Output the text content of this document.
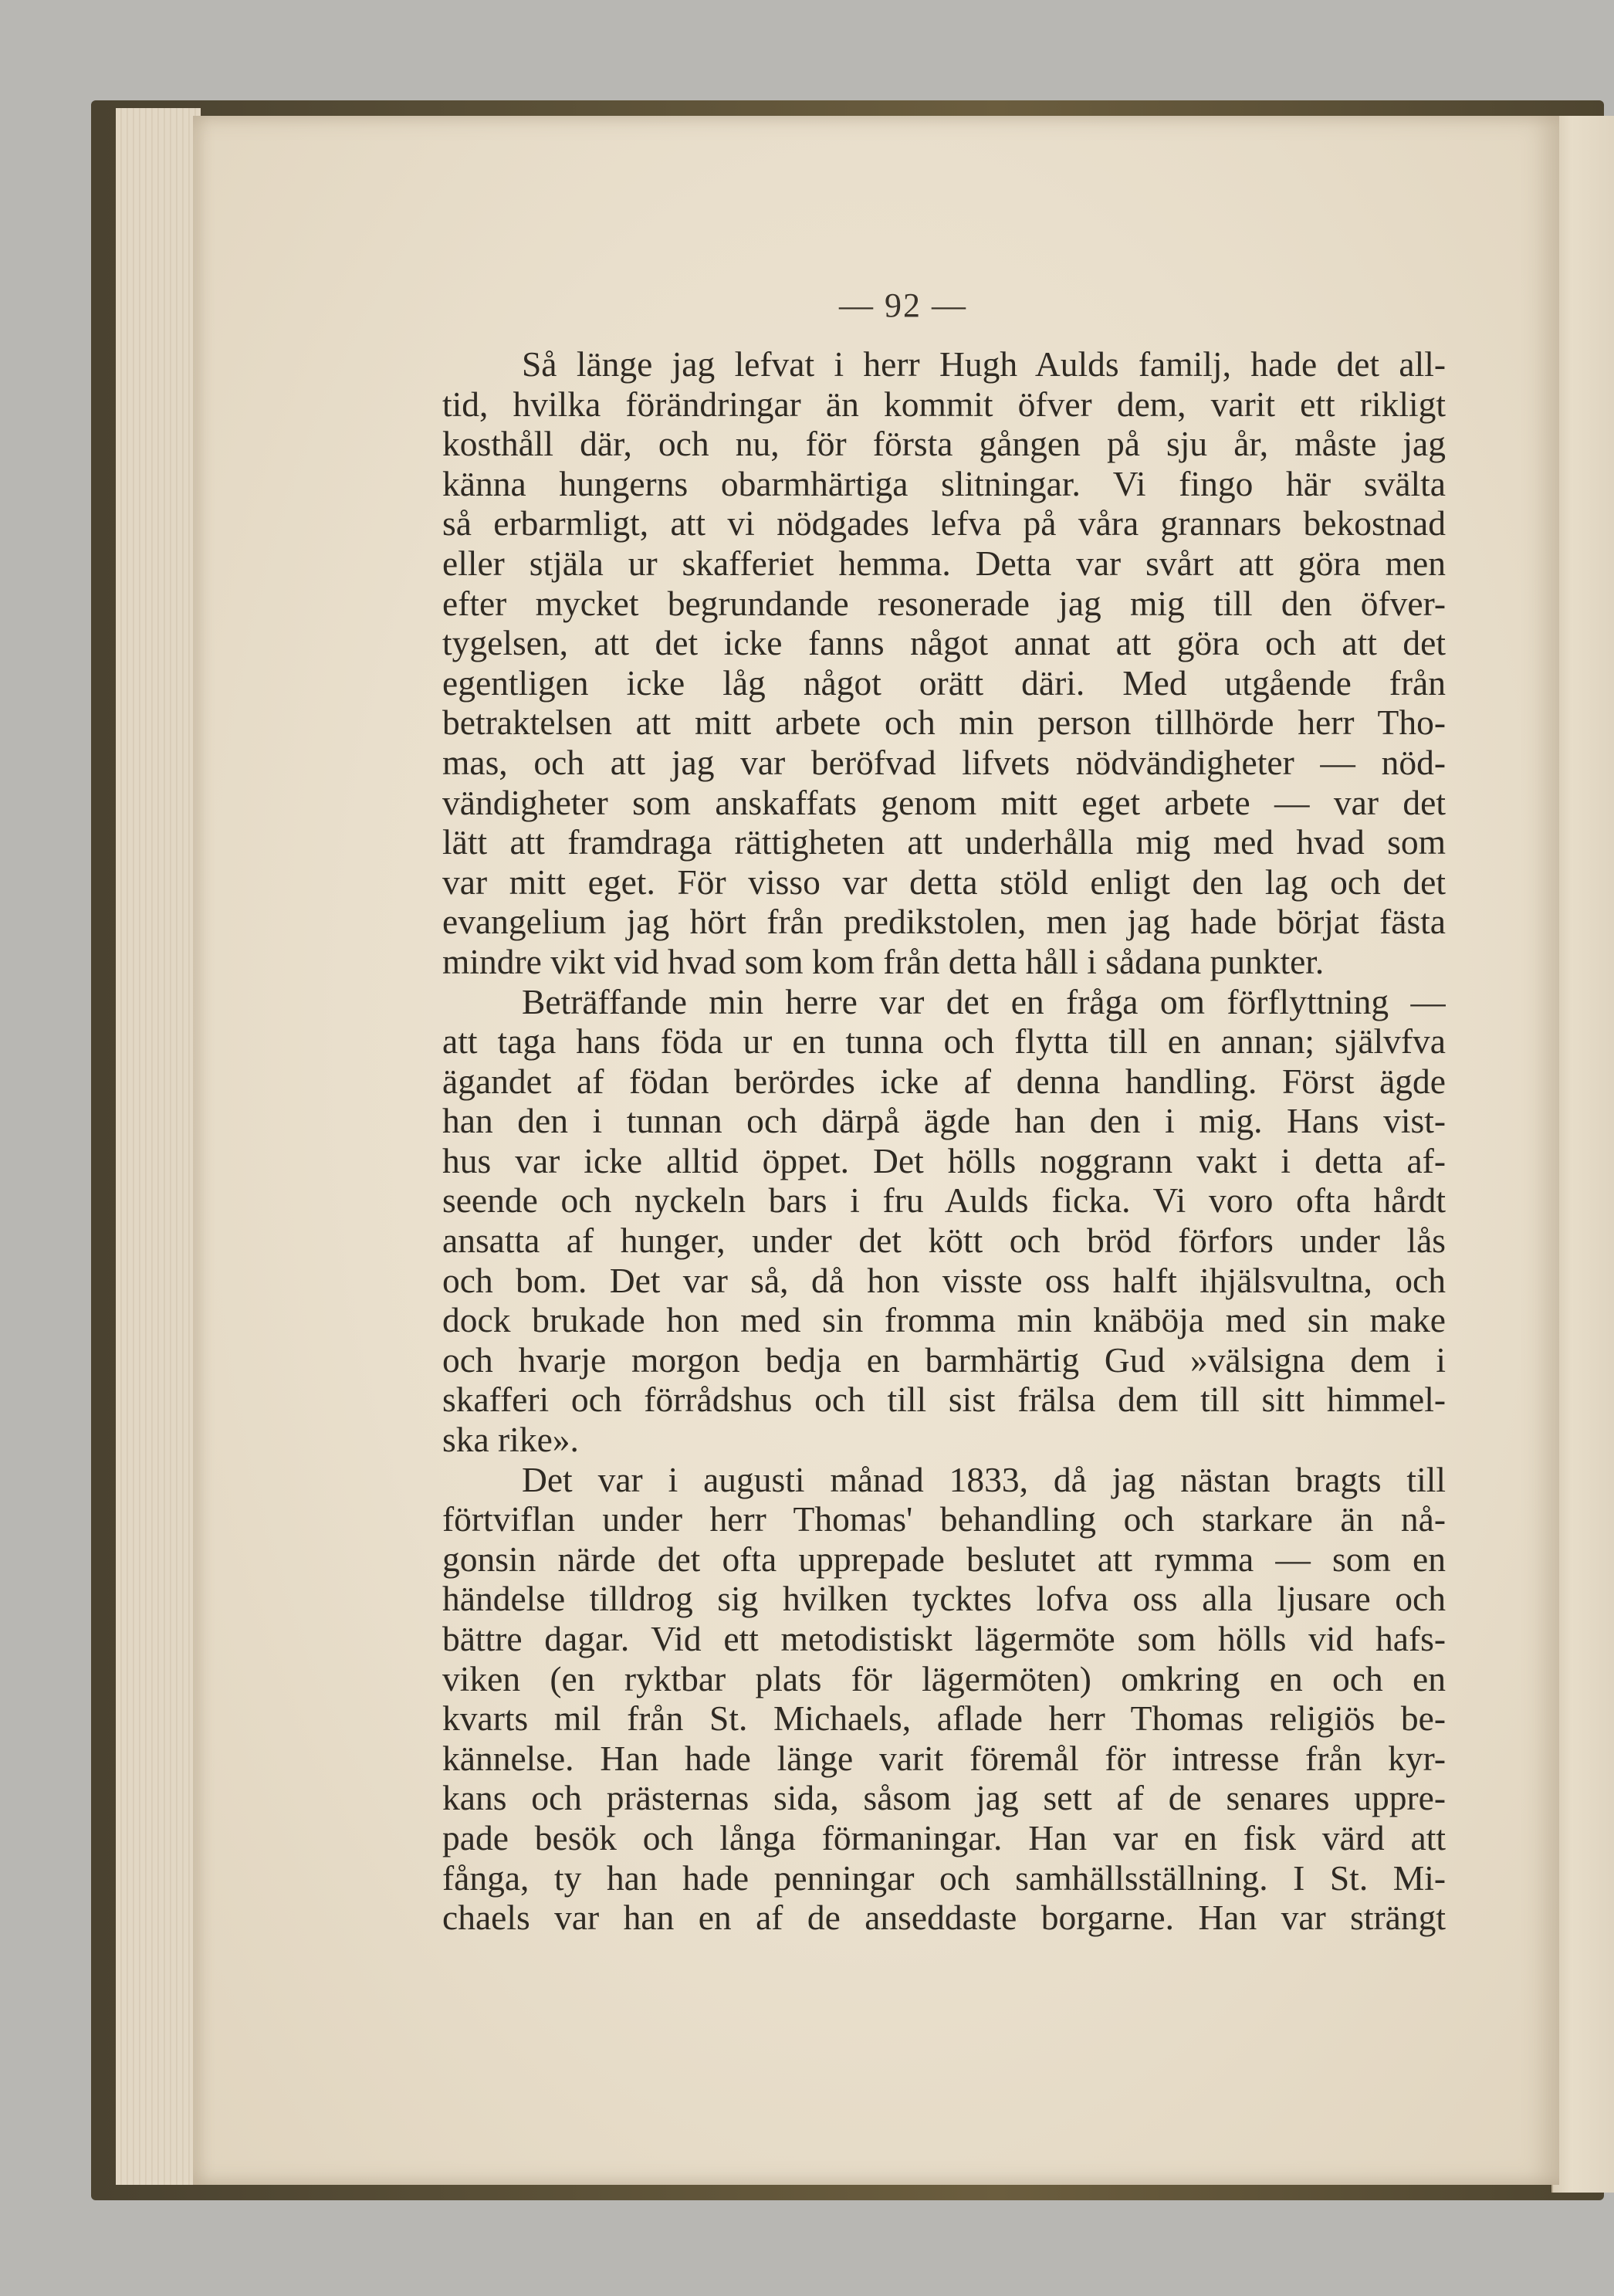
— 92 —
Så länge jag lefvat i herr Hugh Aulds familj, hade det all-
tid, hvilka förändringar än kommit öfver dem, varit ett rikligt
kosthåll där, och nu, för första gången på sju år, måste jag
känna hungerns obarmhärtiga slitningar. Vi fingo här svälta
så erbarmligt, att vi nödgades lefva på våra grannars bekostnad
eller stjäla ur skafferiet hemma. Detta var svårt att göra men
efter mycket begrundande resonerade jag mig till den öfver-
tygelsen, att det icke fanns något annat att göra och att det
egentligen icke låg något orätt däri. Med utgående från
betraktelsen att mitt arbete och min person tillhörde herr Tho-
mas, och att jag var beröfvad lifvets nödvändigheter — nöd-
vändigheter som anskaffats genom mitt eget arbete — var det
lätt att framdraga rättigheten att underhålla mig med hvad som
var mitt eget. För visso var detta stöld enligt den lag och det
evangelium jag hört från predikstolen, men jag hade börjat fästa
mindre vikt vid hvad som kom från detta håll i sådana punkter.
Beträffande min herre var det en fråga om förflyttning —
att taga hans föda ur en tunna och flytta till en annan; självfva
ägandet af födan berördes icke af denna handling. Först ägde
han den i tunnan och därpå ägde han den i mig. Hans vist-
hus var icke alltid öppet. Det hölls noggrann vakt i detta af-
seende och nyckeln bars i fru Aulds ficka. Vi voro ofta hårdt
ansatta af hunger, under det kött och bröd förfors under lås
och bom. Det var så, då hon visste oss halft ihjälsvultna, och
dock brukade hon med sin fromma min knäböja med sin make
och hvarje morgon bedja en barmhärtig Gud »välsigna dem i
skafferi och förrådshus och till sist frälsa dem till sitt himmel-
ska rike».
Det var i augusti månad 1833, då jag nästan bragts till
förtviflan under herr Thomas' behandling och starkare än nå-
gonsin närde det ofta upprepade beslutet att rymma — som en
händelse tilldrog sig hvilken tycktes lofva oss alla ljusare och
bättre dagar. Vid ett metodistiskt lägermöte som hölls vid hafs-
viken (en ryktbar plats för lägermöten) omkring en och en
kvarts mil från St. Michaels, aflade herr Thomas religiös be-
kännelse. Han hade länge varit föremål för intresse från kyr-
kans och prästernas sida, såsom jag sett af de senares uppre-
pade besök och långa förmaningar. Han var en fisk värd att
fånga, ty han hade penningar och samhällsställning. I St. Mi-
chaels var han en af de anseddaste borgarne. Han var strängt
